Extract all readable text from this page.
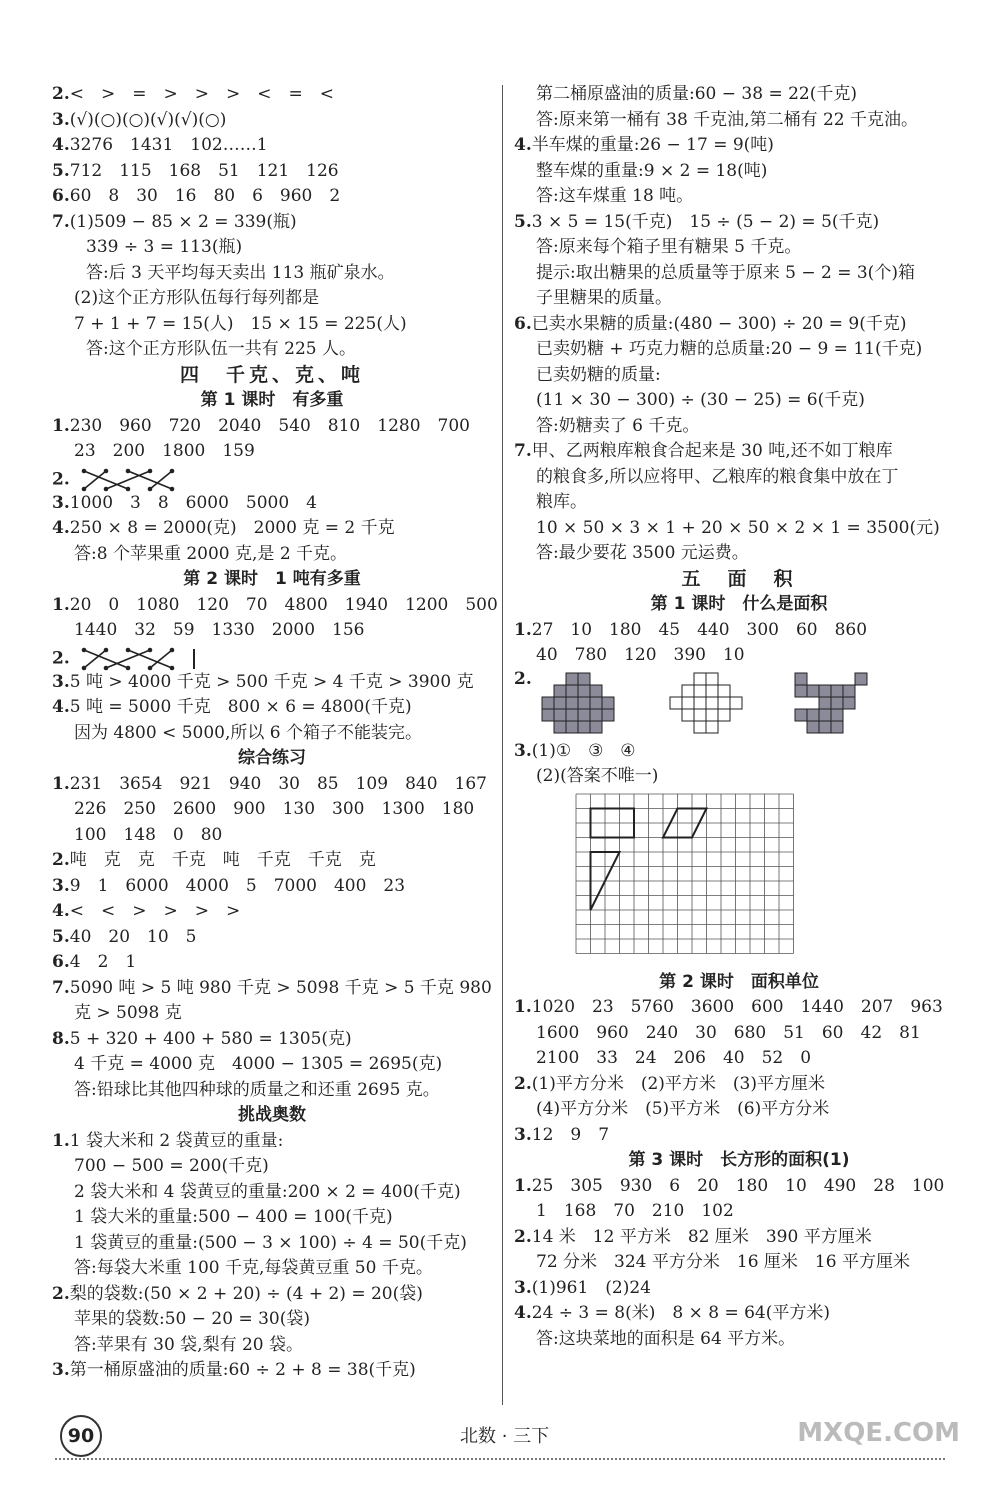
2.<　>　=　>　>　>　<　=　<
3.(√)(○)(○)(√)(√)(○)
4.3276　1431　102……1
5.712　115　168　51　121　126
6.60　8　30　16　80　6　960　2
7.(1)509 − 85 × 2 = 339(瓶)
339 ÷ 3 = 113(瓶)
答:后 3 天平均每天卖出 113 瓶矿泉水。
(2)这个正方形队伍每行每列都是
7 + 1 + 7 = 15(人)　15 × 15 = 225(人)
答:这个正方形队伍一共有 225 人。
四　千克、克、吨
第 1 课时　有多重
1.230　960　720　2040　540　810　1280　700
23　200　1800　159
2.
3.1000　3　8　6000　5000　4
4.250 × 8 = 2000(克)　2000 克 = 2 千克
答:8 个苹果重 2000 克,是 2 千克。
第 2 课时　1 吨有多重
1.20　0　1080　120　70　4800　1940　1200　500
1440　32　59　1330　2000　156
2.
3.5 吨 > 4000 千克 > 500 千克 > 4 千克 > 3900 克
4.5 吨 = 5000 千克　800 × 6 = 4800(千克)
因为 4800 < 5000,所以 6 个箱子不能装完。
综合练习
1.231　3654　921　940　30　85　109　840　167
226　250　2600　900　130　300　1300　180
100　148　0　80
2.吨　克　克　千克　吨　千克　千克　克
3.9　1　6000　4000　5　7000　400　23
4.<　<　>　>　>　>
5.40　20　10　5
6.4　2　1
7.5090 吨 > 5 吨 980 千克 > 5098 千克 > 5 千克 980
克 > 5098 克
8.5 + 320 + 400 + 580 = 1305(克)
4 千克 = 4000 克　4000 − 1305 = 2695(克)
答:铅球比其他四种球的质量之和还重 2695 克。
挑战奥数
1.1 袋大米和 2 袋黄豆的重量:
700 − 500 = 200(千克)
2 袋大米和 4 袋黄豆的重量:200 × 2 = 400(千克)
1 袋大米的重量:500 − 400 = 100(千克)
1 袋黄豆的重量:(500 − 3 × 100) ÷ 4 = 50(千克)
答:每袋大米重 100 千克,每袋黄豆重 50 千克。
2.梨的袋数:(50 × 2 + 20) ÷ (4 + 2) = 20(袋)
苹果的袋数:50 − 20 = 30(袋)
答:苹果有 30 袋,梨有 20 袋。
3.第一桶原盛油的质量:60 ÷ 2 + 8 = 38(千克)
第二桶原盛油的质量:60 − 38 = 22(千克)
答:原来第一桶有 38 千克油,第二桶有 22 千克油。
4.半车煤的重量:26 − 17 = 9(吨)
整车煤的重量:9 × 2 = 18(吨)
答:这车煤重 18 吨。
5.3 × 5 = 15(千克)　15 ÷ (5 − 2) = 5(千克)
答:原来每个箱子里有糖果 5 千克。
提示:取出糖果的总质量等于原来 5 − 2 = 3(个)箱
子里糖果的质量。
6.已卖水果糖的质量:(480 − 300) ÷ 20 = 9(千克)
已卖奶糖 + 巧克力糖的总质量:20 − 9 = 11(千克)
已卖奶糖的质量:
(11 × 30 − 300) ÷ (30 − 25) = 6(千克)
答:奶糖卖了 6 千克。
7.甲、乙两粮库粮食合起来是 30 吨,还不如丁粮库
的粮食多,所以应将甲、乙粮库的粮食集中放在丁
粮库。
10 × 50 × 3 × 1 + 20 × 50 × 2 × 1 = 3500(元)
答:最少要花 3500 元运费。
五　面　积
第 1 课时　什么是面积
1.27　10　180　45　440　300　60　860
40　780　120　390　10
2.
3.(1)①　③　④
(2)(答案不唯一)
第 2 课时　面积单位
1.1020　23　5760　3600　600　1440　207　963
1600　960　240　30　680　51　60　42　81
2100　33　24　206　40　52　0
2.(1)平方分米　(2)平方米　(3)平方厘米
(4)平方分米　(5)平方米　(6)平方分米
3.12　9　7
第 3 课时　长方形的面积(1)
1.25　305　930　6　20　180　10　490　28　100
1　168　70　210　102
2.14 米　12 平方米　82 厘米　390 平方厘米
72 分米　324 平方分米　16 厘米　16 平方厘米
3.(1)961　(2)24
4.24 ÷ 3 = 8(米)　8 × 8 = 64(平方米)
答:这块菜地的面积是 64 平方米。
90	北数 · 三下	MXQE.COM
